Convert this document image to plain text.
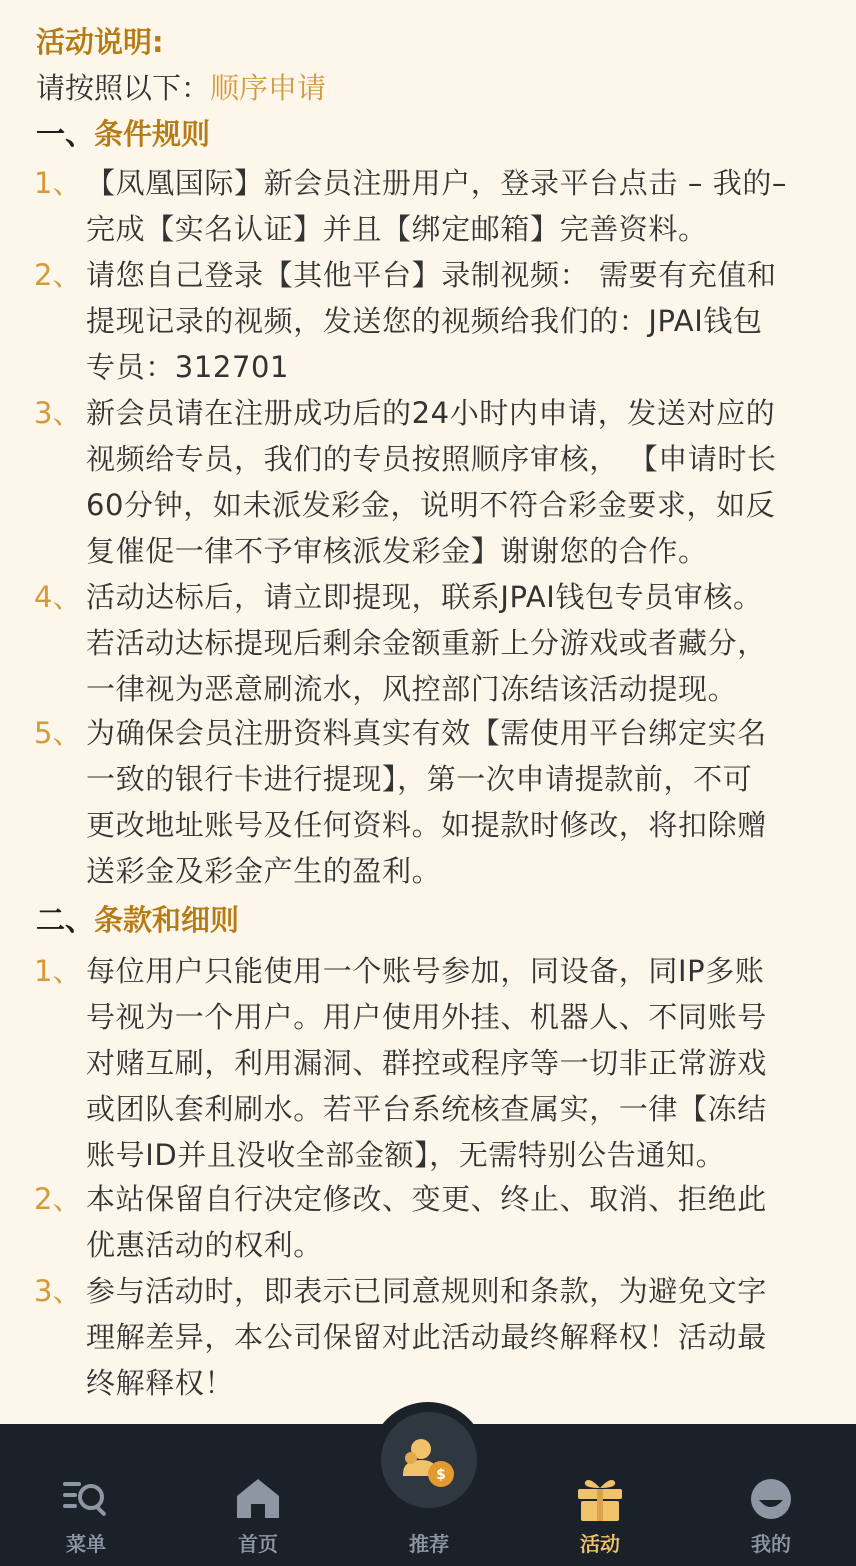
活动说明:
请按照以下：顺序申请
一、条件规则
1、 【凤凰国际】新会员注册用户，登录平台点击 – 我的–
完成【实名认证】并且【绑定邮箱】完善资料。
2、 请您自己登录【其他平台】录制视频： 需要有充值和
提现记录的视频，发送您的视频给我们的：JPAI钱包
专员：312701
3、 新会员请在注册成功后的24小时内申请，发送对应的
视频给专员，我们的专员按照顺序审核， 【申请时长
60分钟，如未派发彩金，说明不符合彩金要求，如反
复催促一律不予审核派发彩金】谢谢您的合作。
4、 活动达标后，请立即提现，联系JPAI钱包专员审核。
若活动达标提现后剩余金额重新上分游戏或者藏分，
一律视为恶意刷流水，风控部门冻结该活动提现。
5、 为确保会员注册资料真实有效【需使用平台绑定实名
一致的银行卡进行提现】，第一次申请提款前，不可
更改地址账号及任何资料。如提款时修改，将扣除赠
送彩金及彩金产生的盈利。
二、条款和细则
1、 每位用户只能使用一个账号参加，同设备，同IP多账
号视为一个用户。用户使用外挂、机器人、不同账号
对赌互刷，利用漏洞、群控或程序等一切非正常游戏
或团队套利刷水。若平台系统核查属实，一律【冻结
账号ID并且没收全部金额】，无需特别公告通知。
2、 本站保留自行决定修改、变更、终止、取消、拒绝此
优惠活动的权利。
3、 参与活动时，即表示已同意规则和条款，为避免文字
理解差异，本公司保留对此活动最终解释权！活动最
终解释权！
$
菜单	首页	推荐	活动	我的
